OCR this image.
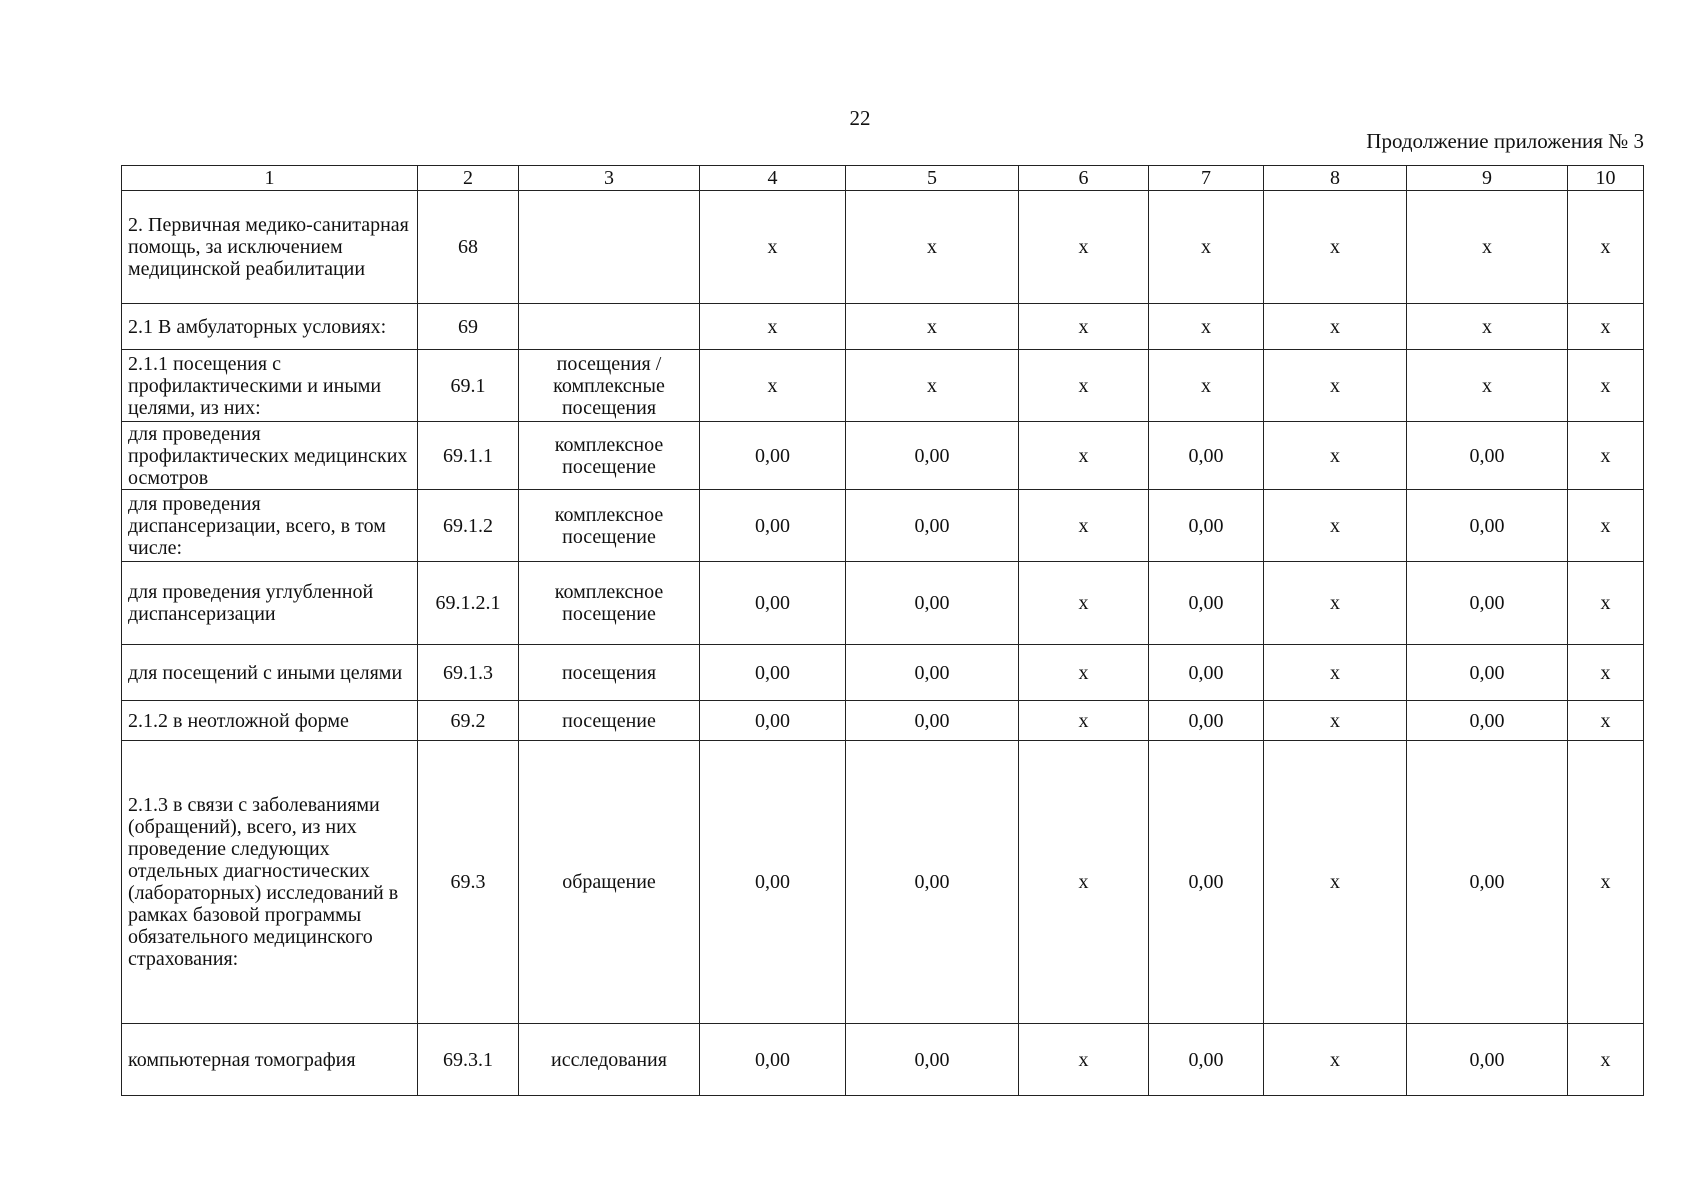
22
Продолжение приложения № 3
1	2	3	4	5	6	7	8	9	10
2. Первичная медико-санитарная помощь, за исключением медицинской реабилитации	68		х	х	х	х	х	х	х
2.1 В амбулаторных условиях:	69		х	х	х	х	х	х	х
2.1.1 посещения с профилактическими и иными целями, из них:	69.1	посещения / комплексные посещения	х	х	х	х	х	х	х
для проведения профилактических медицинских осмотров	69.1.1	комплексное посещение	0,00	0,00	х	0,00	х	0,00	х
для проведения диспансеризации, всего, в том числе:	69.1.2	комплексное посещение	0,00	0,00	х	0,00	х	0,00	х
для проведения углубленной диспансеризации	69.1.2.1	комплексное посещение	0,00	0,00	х	0,00	х	0,00	х
для посещений с иными целями	69.1.3	посещения	0,00	0,00	х	0,00	х	0,00	х
2.1.2 в неотложной форме	69.2	посещение	0,00	0,00	х	0,00	х	0,00	х
2.1.3 в связи с заболеваниями (обращений), всего, из них проведение следующих отдельных диагностических (лабораторных) исследований в рамках базовой программы обязательного медицинского страхования:	69.3	обращение	0,00	0,00	х	0,00	х	0,00	х
компьютерная томография	69.3.1	исследования	0,00	0,00	х	0,00	х	0,00	х
